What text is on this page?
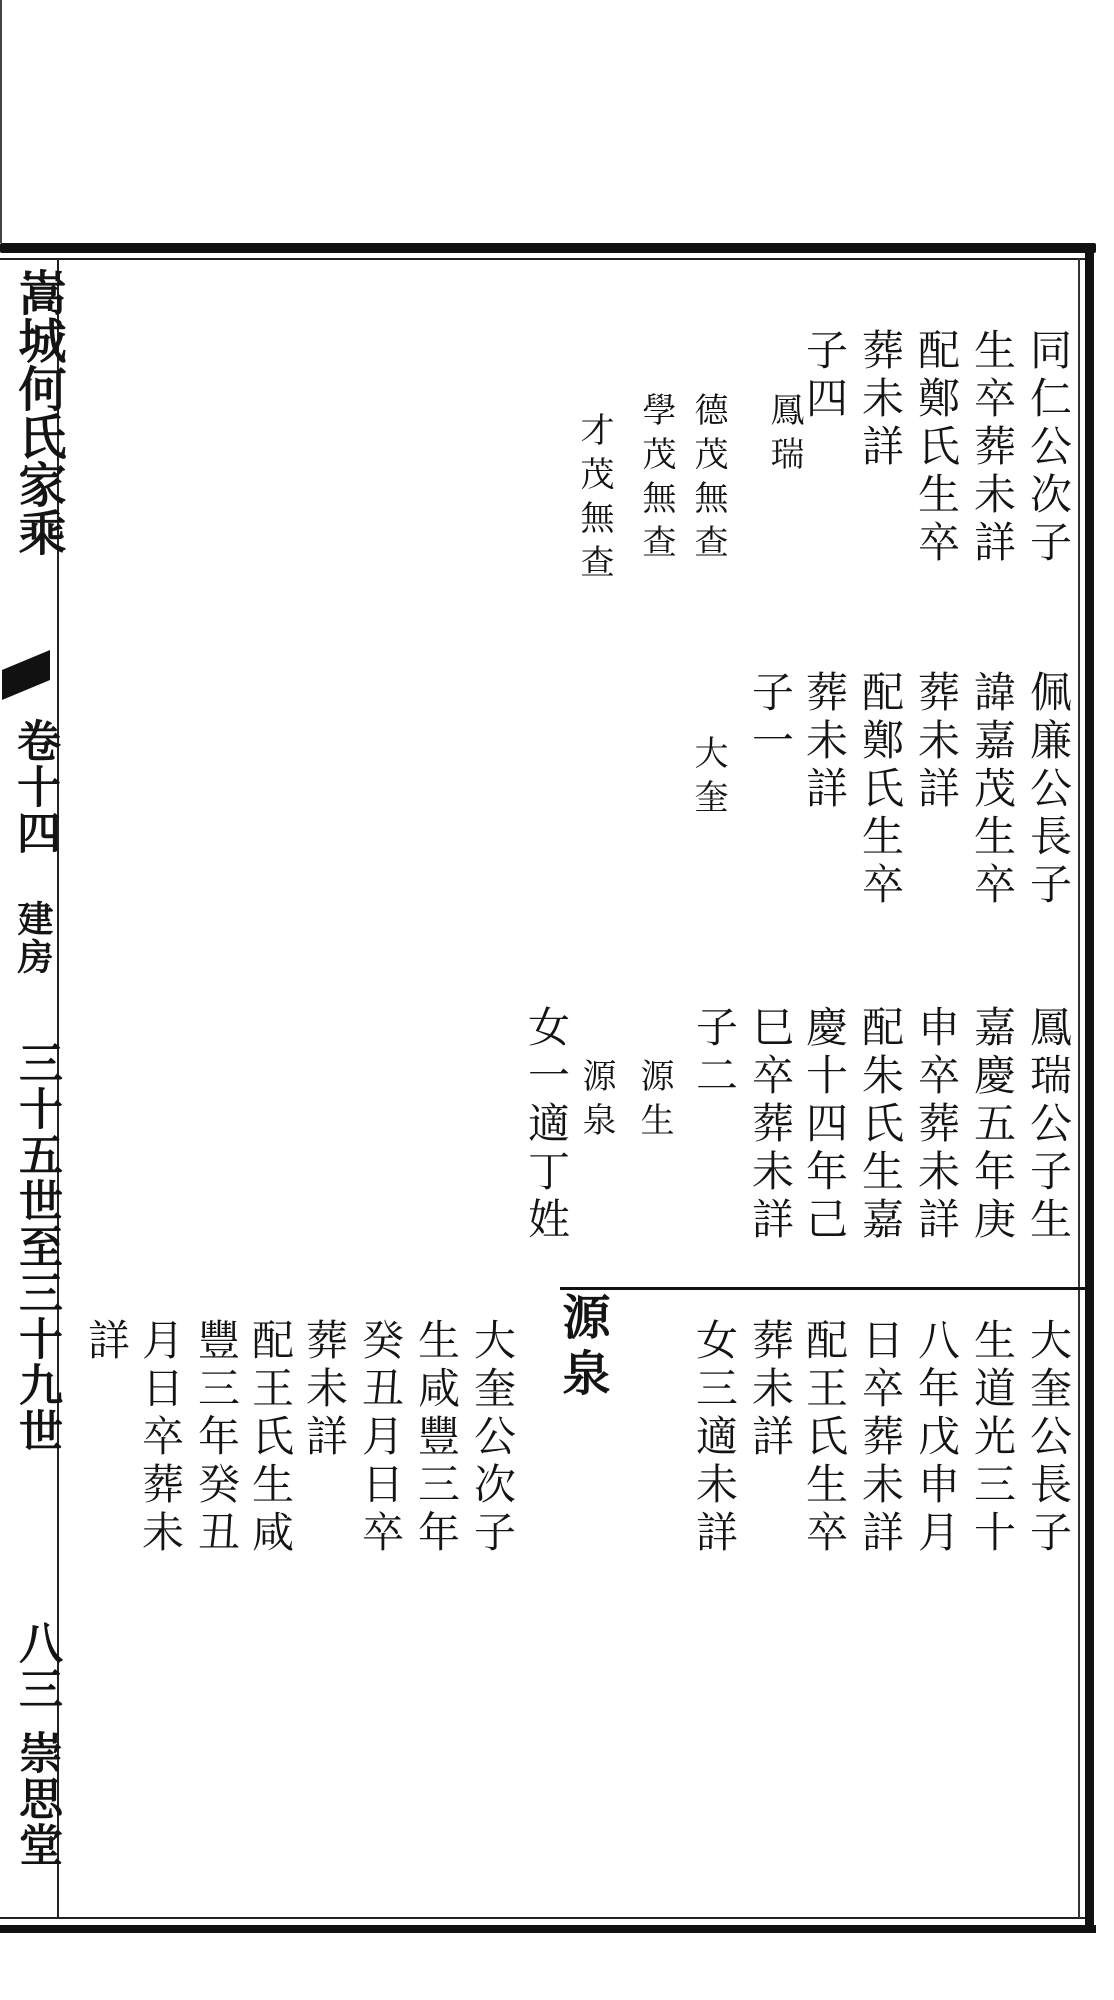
嵩城何氏家乘
卷十四
建房
三十五世至三十九世
八三
崇思堂
同仁公次子
生卒葬未詳
配鄭氏生卒
葬未詳
子四
鳳瑞
德茂無查
學茂無查
才茂無查
佩廉公長子
諱嘉茂生卒
葬未詳
配鄭氏生卒
葬未詳
子一
大奎
鳳瑞公子生
嘉慶五年庚
申卒葬未詳
配朱氏生嘉
慶十四年己
巳卒葬未詳
子二
源生
源泉
女一適丁姓
大奎公長子
生道光三十
八年戊申月
日卒葬未詳
配王氏生卒
葬未詳
女三適未詳
源泉
大奎公次子
生咸豐三年
癸丑月日卒
葬未詳
配王氏生咸
豐三年癸丑
月日卒葬未
詳
